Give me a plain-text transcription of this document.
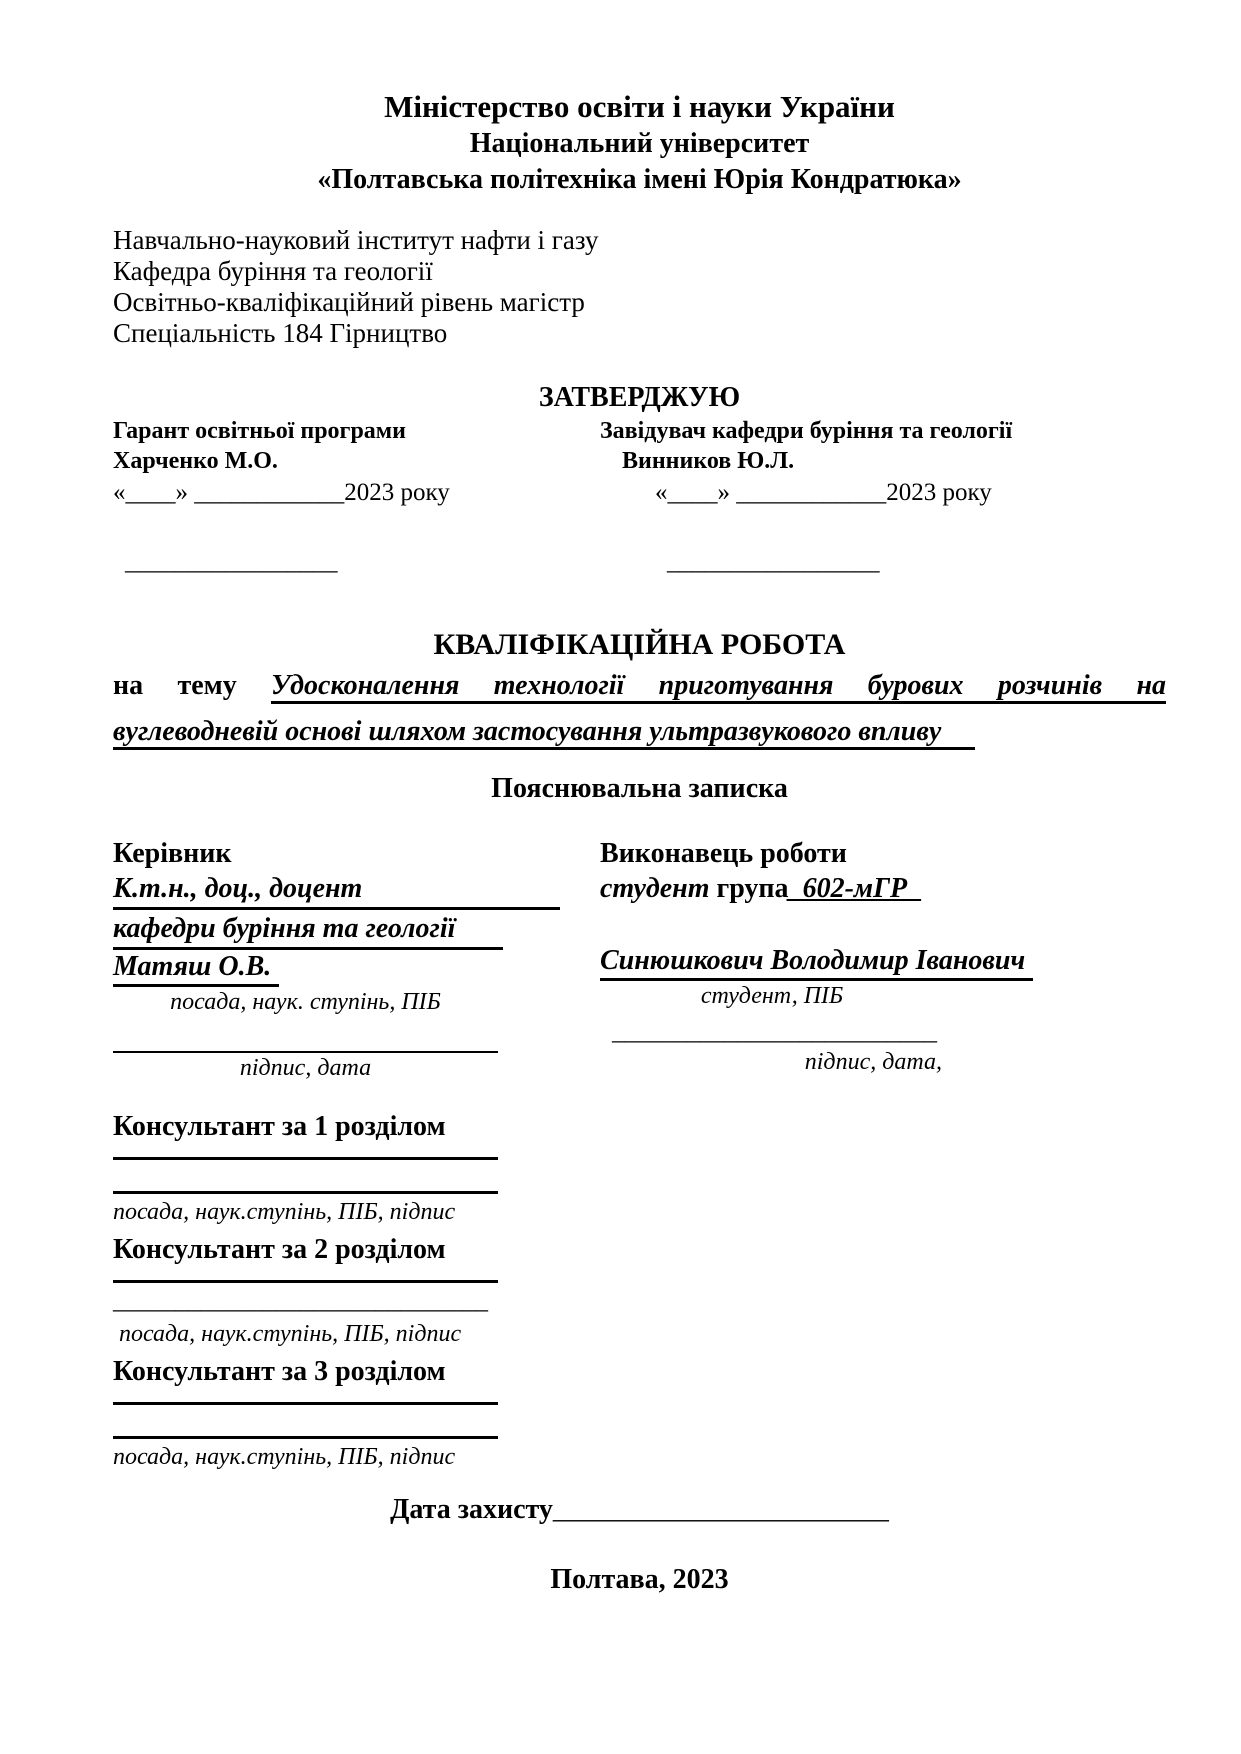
Міністерство освіти і науки України
Національний університет
«Полтавська політехніка імені Юрія Кондратюка»
Навчально-науковий інститут нафти і газу
Кафедра буріння та геології
Освітньо-кваліфікаційний рівень магістр
Спеціальність 184 Гірництво
ЗАТВЕРДЖУЮ
Гарант освітньої програми
Харченко М.О.
«____» ____________2023 року
Завідувач кафедри буріння та геології
Винников Ю.Л.
«____» ____________2023 року
_________________	_________________
КВАЛІФІКАЦІЙНА РОБОТА
на тему Удосконалення технології приготування бурових розчинів на
вуглеводневій основі шляхом застосування ультразвукового впливу
Пояснювальна записка
Керівник
К.т.н., доц., доцент
кафедри буріння та геології
Матяш О.В.
посада, наук. ступінь, ПІБ
підпис, дата
Виконавець роботи
студент група_602-мГР_
Синюшкович Володимир Іванович
студент, ПІБ
__________________________
підпис, дата,
Консультант за 1 розділом
посада, наук.ступінь, ПІБ, підпис
Консультант за 2 розділом
______________________________
посада, наук.ступінь, ПІБ, підпис
Консультант за 3 розділом
посада, наук.ступінь, ПІБ, підпис
Дата захисту________________________
Полтава, 2023
